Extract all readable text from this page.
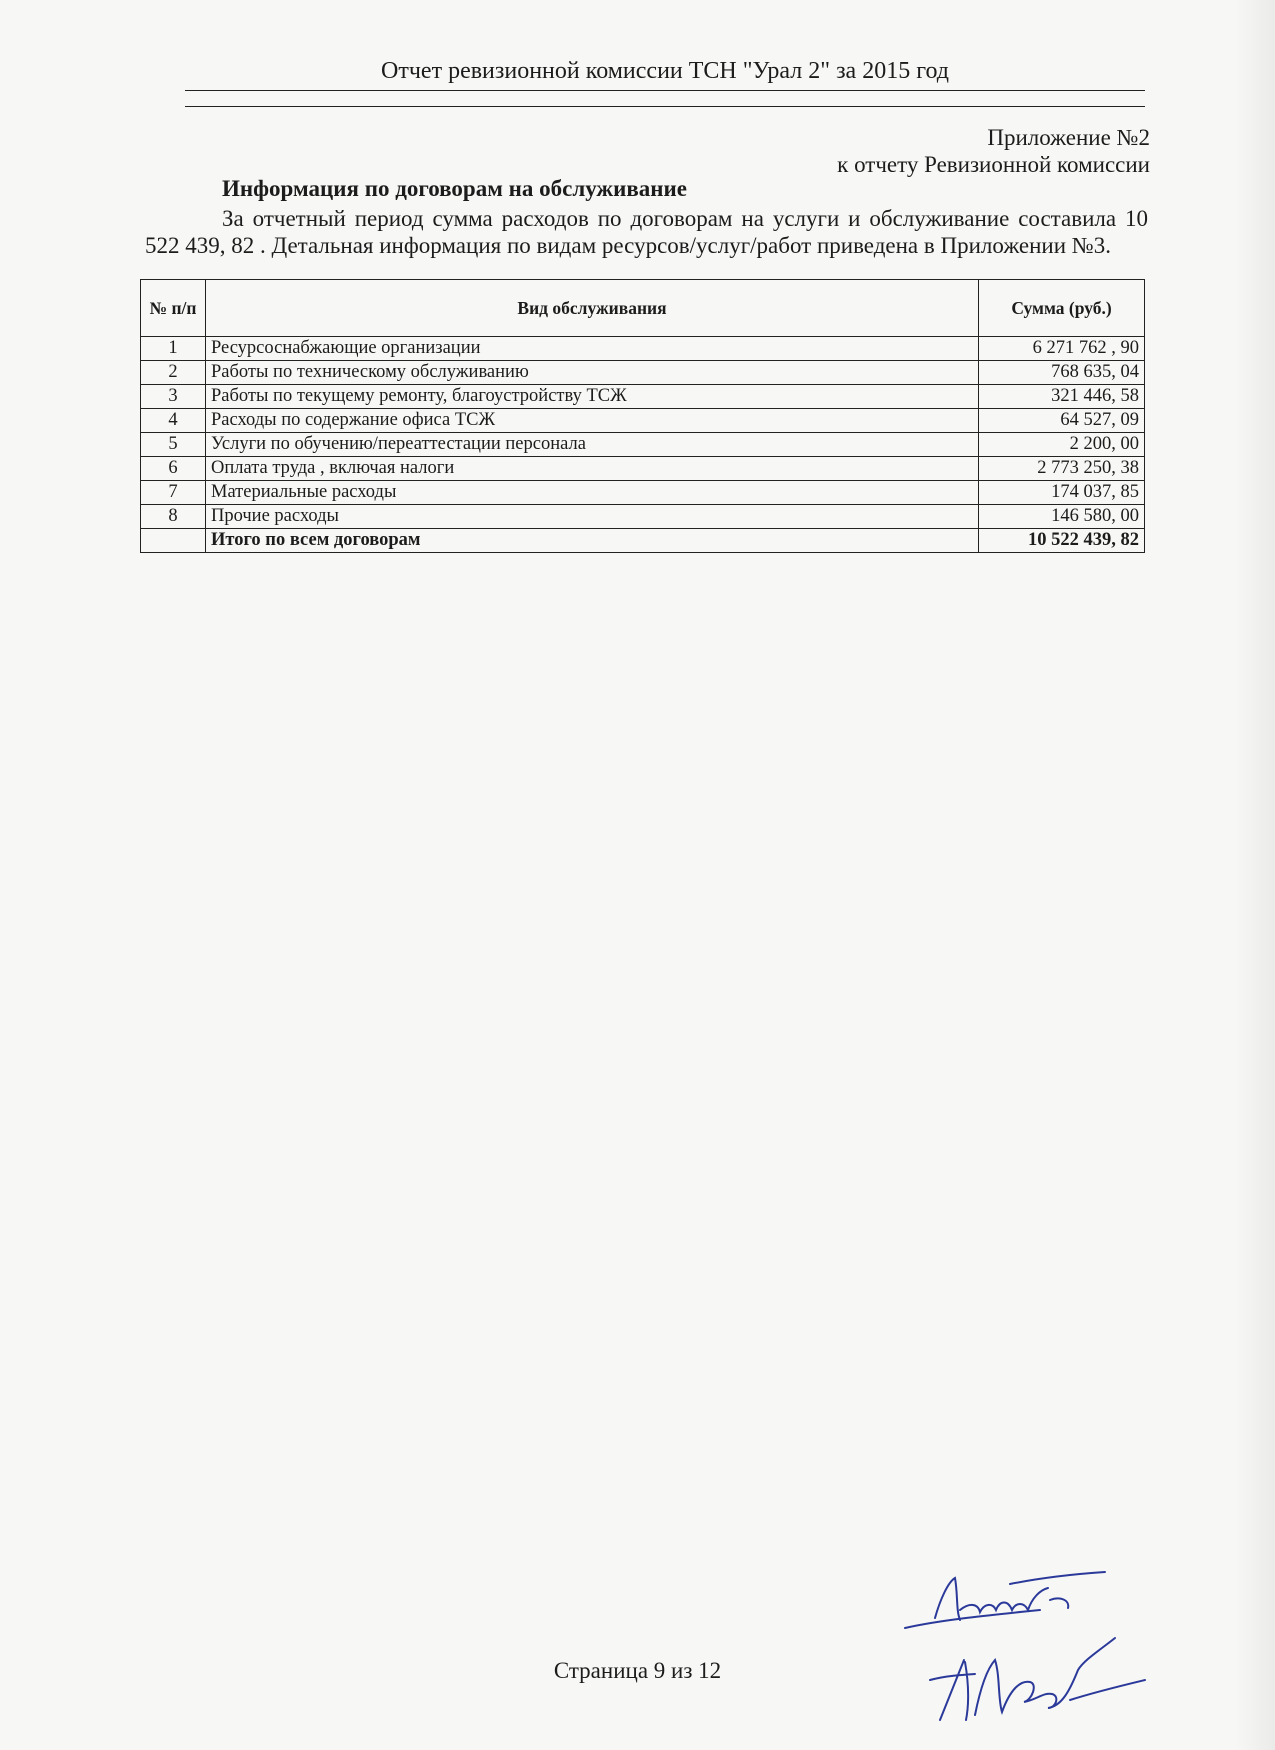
Отчет ревизионной комиссии ТСН "Урал 2" за 2015 год
Приложение №2
к отчету Ревизионной комиссии
Информация по договорам на обслуживание
За отчетный период сумма расходов по договорам на услуги и обслуживание составила 10 522 439, 82 . Детальная информация по видам ресурсов/услуг/работ приведена в Приложении №3.
№ п/п	Вид обслуживания	Сумма (руб.)
1	Ресурсоснабжающие организации	6 271 762 , 90
2	Работы по техническому обслуживанию	768 635, 04
3	Работы по текущему ремонту, благоустройству ТСЖ	321 446, 58
4	Расходы по содержание офиса ТСЖ	64 527, 09
5	Услуги по обучению/переаттестации персонала	2 200, 00
6	Оплата труда , включая налоги	2 773 250, 38
7	Материальные расходы	174 037, 85
8	Прочие расходы	146 580, 00
	Итого по всем договорам	10 522 439, 82
Страница 9 из 12
